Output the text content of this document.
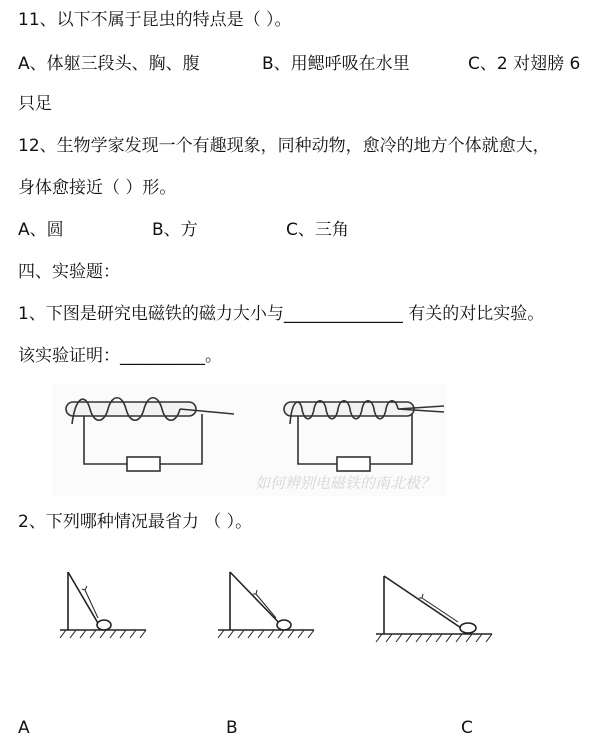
11、以下不属于昆虫的特点是（ ）。
A、体躯三段头、胸、腹	B、用鳃呼吸在水里	C、2 对翅膀 6
只足
12、生物学家发现一个有趣现象，同种动物，愈冷的地方个体就愈大，
身体愈接近（ ）形。
A、圆	B、方	C、三角
四、实验题：
1、下图是研究电磁铁的磁力大小与______________ 有关的对比实验。
该实验证明：__________。
如何辨别电磁铁的南北极？
2、下列哪种情况最省力 （ ）。
A	B	C
